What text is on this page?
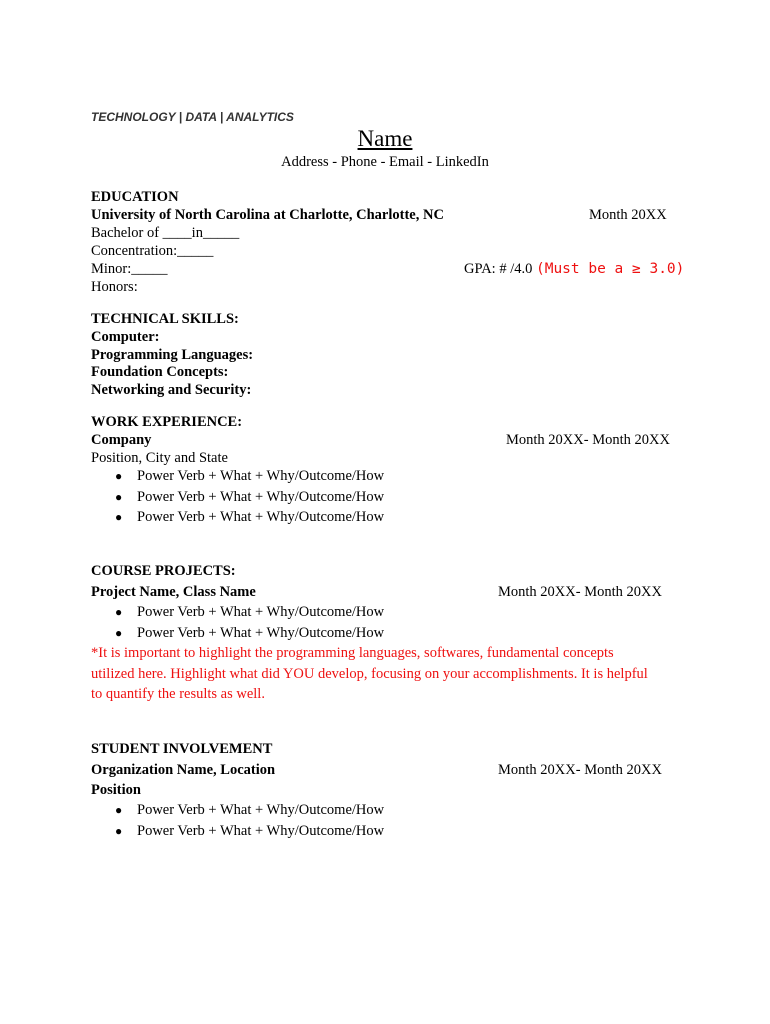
TECHNOLOGY | DATA | ANALYTICS
Name
Address - Phone - Email - LinkedIn
EDUCATION
University of North Carolina at Charlotte, Charlotte, NC	Month 20XX
Bachelor of ____in_____
Concentration:_____
Minor:_____	GPA: # /4.0 (Must be a ≥ 3.0)
Honors:
TECHNICAL SKILLS:
Computer:
Programming Languages:
Foundation Concepts:
Networking and Security:
WORK EXPERIENCE:
Company	Month 20XX- Month 20XX
Position, City and State
● Power Verb + What + Why/Outcome/How
● Power Verb + What + Why/Outcome/How
● Power Verb + What + Why/Outcome/How
COURSE PROJECTS:
Project Name, Class Name	Month 20XX- Month 20XX
● Power Verb + What + Why/Outcome/How
● Power Verb + What + Why/Outcome/How
*It is important to highlight the programming languages, softwares, fundamental concepts
utilized here. Highlight what did YOU develop, focusing on your accomplishments. It is helpful
to quantify the results as well.
STUDENT INVOLVEMENT
Organization Name, Location	Month 20XX- Month 20XX
Position
● Power Verb + What + Why/Outcome/How
● Power Verb + What + Why/Outcome/How
